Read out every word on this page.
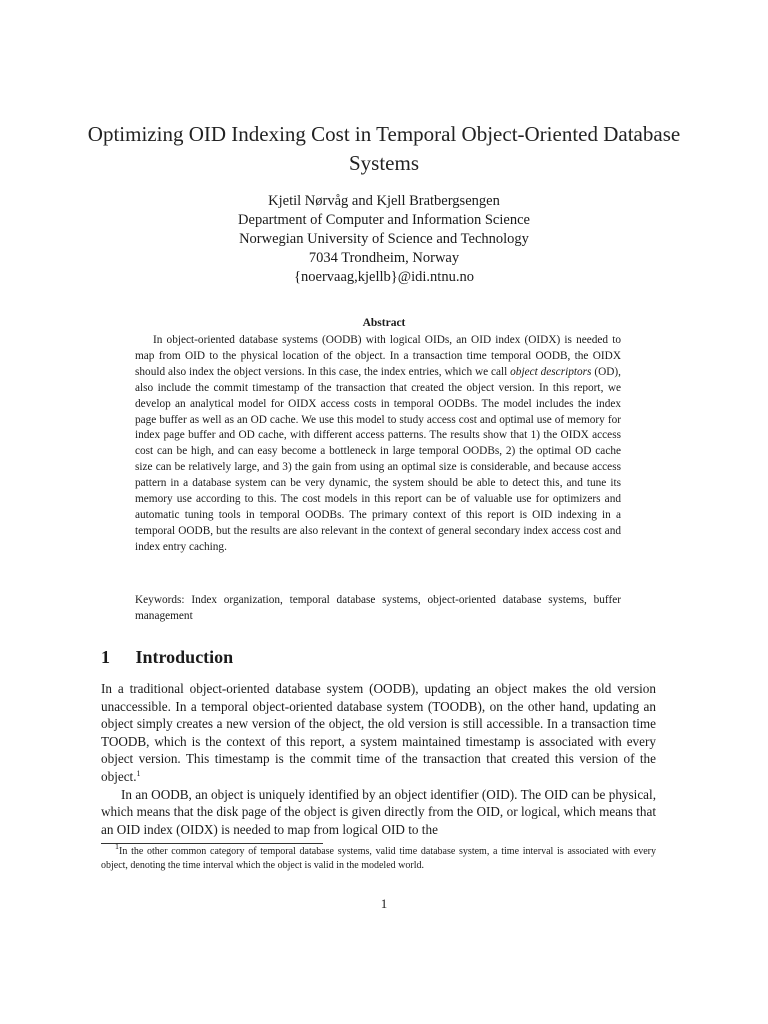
Optimizing OID Indexing Cost in Temporal Object-Oriented Database Systems
Kjetil Nørvåg and Kjell Bratbergsengen
Department of Computer and Information Science
Norwegian University of Science and Technology
7034 Trondheim, Norway
{noervaag,kjellb}@idi.ntnu.no
Abstract
In object-oriented database systems (OODB) with logical OIDs, an OID index (OIDX) is needed to map from OID to the physical location of the object. In a transaction time temporal OODB, the OIDX should also index the object versions. In this case, the index entries, which we call object descriptors (OD), also include the commit timestamp of the transaction that created the object version. In this report, we develop an analytical model for OIDX access costs in temporal OODBs. The model includes the index page buffer as well as an OD cache. We use this model to study access cost and optimal use of memory for index page buffer and OD cache, with different access patterns. The results show that 1) the OIDX access cost can be high, and can easy become a bottleneck in large temporal OODBs, 2) the optimal OD cache size can be relatively large, and 3) the gain from using an optimal size is considerable, and because access pattern in a database system can be very dynamic, the system should be able to detect this, and tune its memory use according to this. The cost models in this report can be of valuable use for optimizers and automatic tuning tools in temporal OODBs. The primary context of this report is OID indexing in a temporal OODB, but the results are also relevant in the context of general secondary index access cost and index entry caching.
Keywords: Index organization, temporal database systems, object-oriented database systems, buffer management
1 Introduction

In a traditional object-oriented database system (OODB), updating an object makes the old version unaccessible. In a temporal object-oriented database system (TOODB), on the other hand, updating an object simply creates a new version of the object, the old version is still accessible. In a transaction time TOODB, which is the context of this report, a system maintained timestamp is associated with every object version. This timestamp is the commit time of the transaction that created this version of the object.$^1$

In an OODB, an object is uniquely identified by an object identifier (OID). The OID can be physical, which means that the disk page of the object is given directly from the OID, or logical, which means that an OID index (OIDX) is needed to map from logical OID to the

$^1$In the other common category of temporal database systems, valid time database system, a time interval is associated with every object, denoting the time interval which the object is valid in the modeled world.
1
